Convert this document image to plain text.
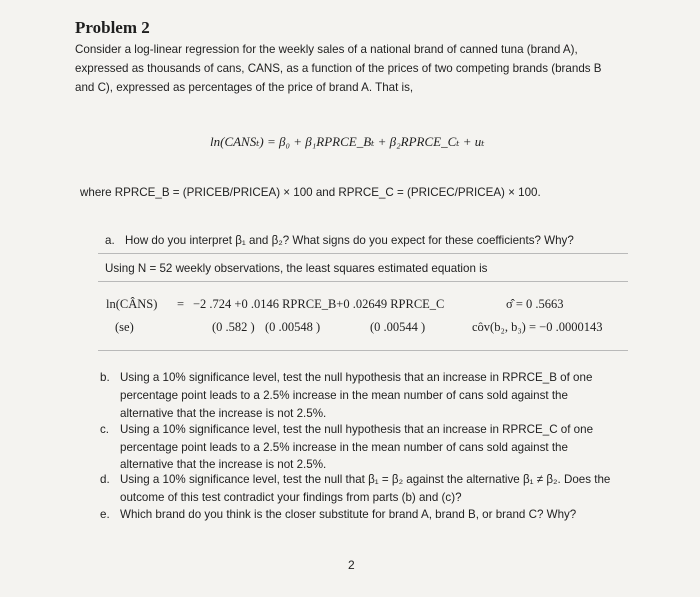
Problem 2
Consider a log-linear regression for the weekly sales of a national brand of canned tuna (brand A),
expressed as thousands of cans, CANS, as a function of the prices of two competing brands (brands B
and C), expressed as percentages of the price of brand A. That is,
ln(CANSₜ) = β₀ + β₁RPRCE_Bₜ + β₂RPRCE_Cₜ + uₜ
where RPRCE_B = (PRICEB/PRICEA) × 100 and RPRCE_C = (PRICEC/PRICEA) × 100.
a. How do you interpret β₁ and β₂? What signs do you expect for these coefficients? Why?
Using N = 52 weekly observations, the least squares estimated equation is
ln(CÂNS) = −2 .724 +0 .0146 RPRCE_B+0 .02649 RPRCE_C	σ̂ = 0 .5663
(se)	(0 .582 ) (0 .00548 )	(0 .00544 )	côv(b₂, b₃) = −0 .0000143
b. Using a 10% significance level, test the null hypothesis that an increase in RPRCE_B of one
percentage point leads to a 2.5% increase in the mean number of cans sold against the
alternative that the increase is not 2.5%.
c. Using a 10% significance level, test the null hypothesis that an increase in RPRCE_C of one
percentage point leads to a 2.5% increase in the mean number of cans sold against the
alternative that the increase is not 2.5%.
d. Using a 10% significance level, test the null that β₁ = β₂ against the alternative β₁ ≠ β₂. Does the
outcome of this test contradict your findings from parts (b) and (c)?
e. Which brand do you think is the closer substitute for brand A, brand B, or brand C? Why?
2
